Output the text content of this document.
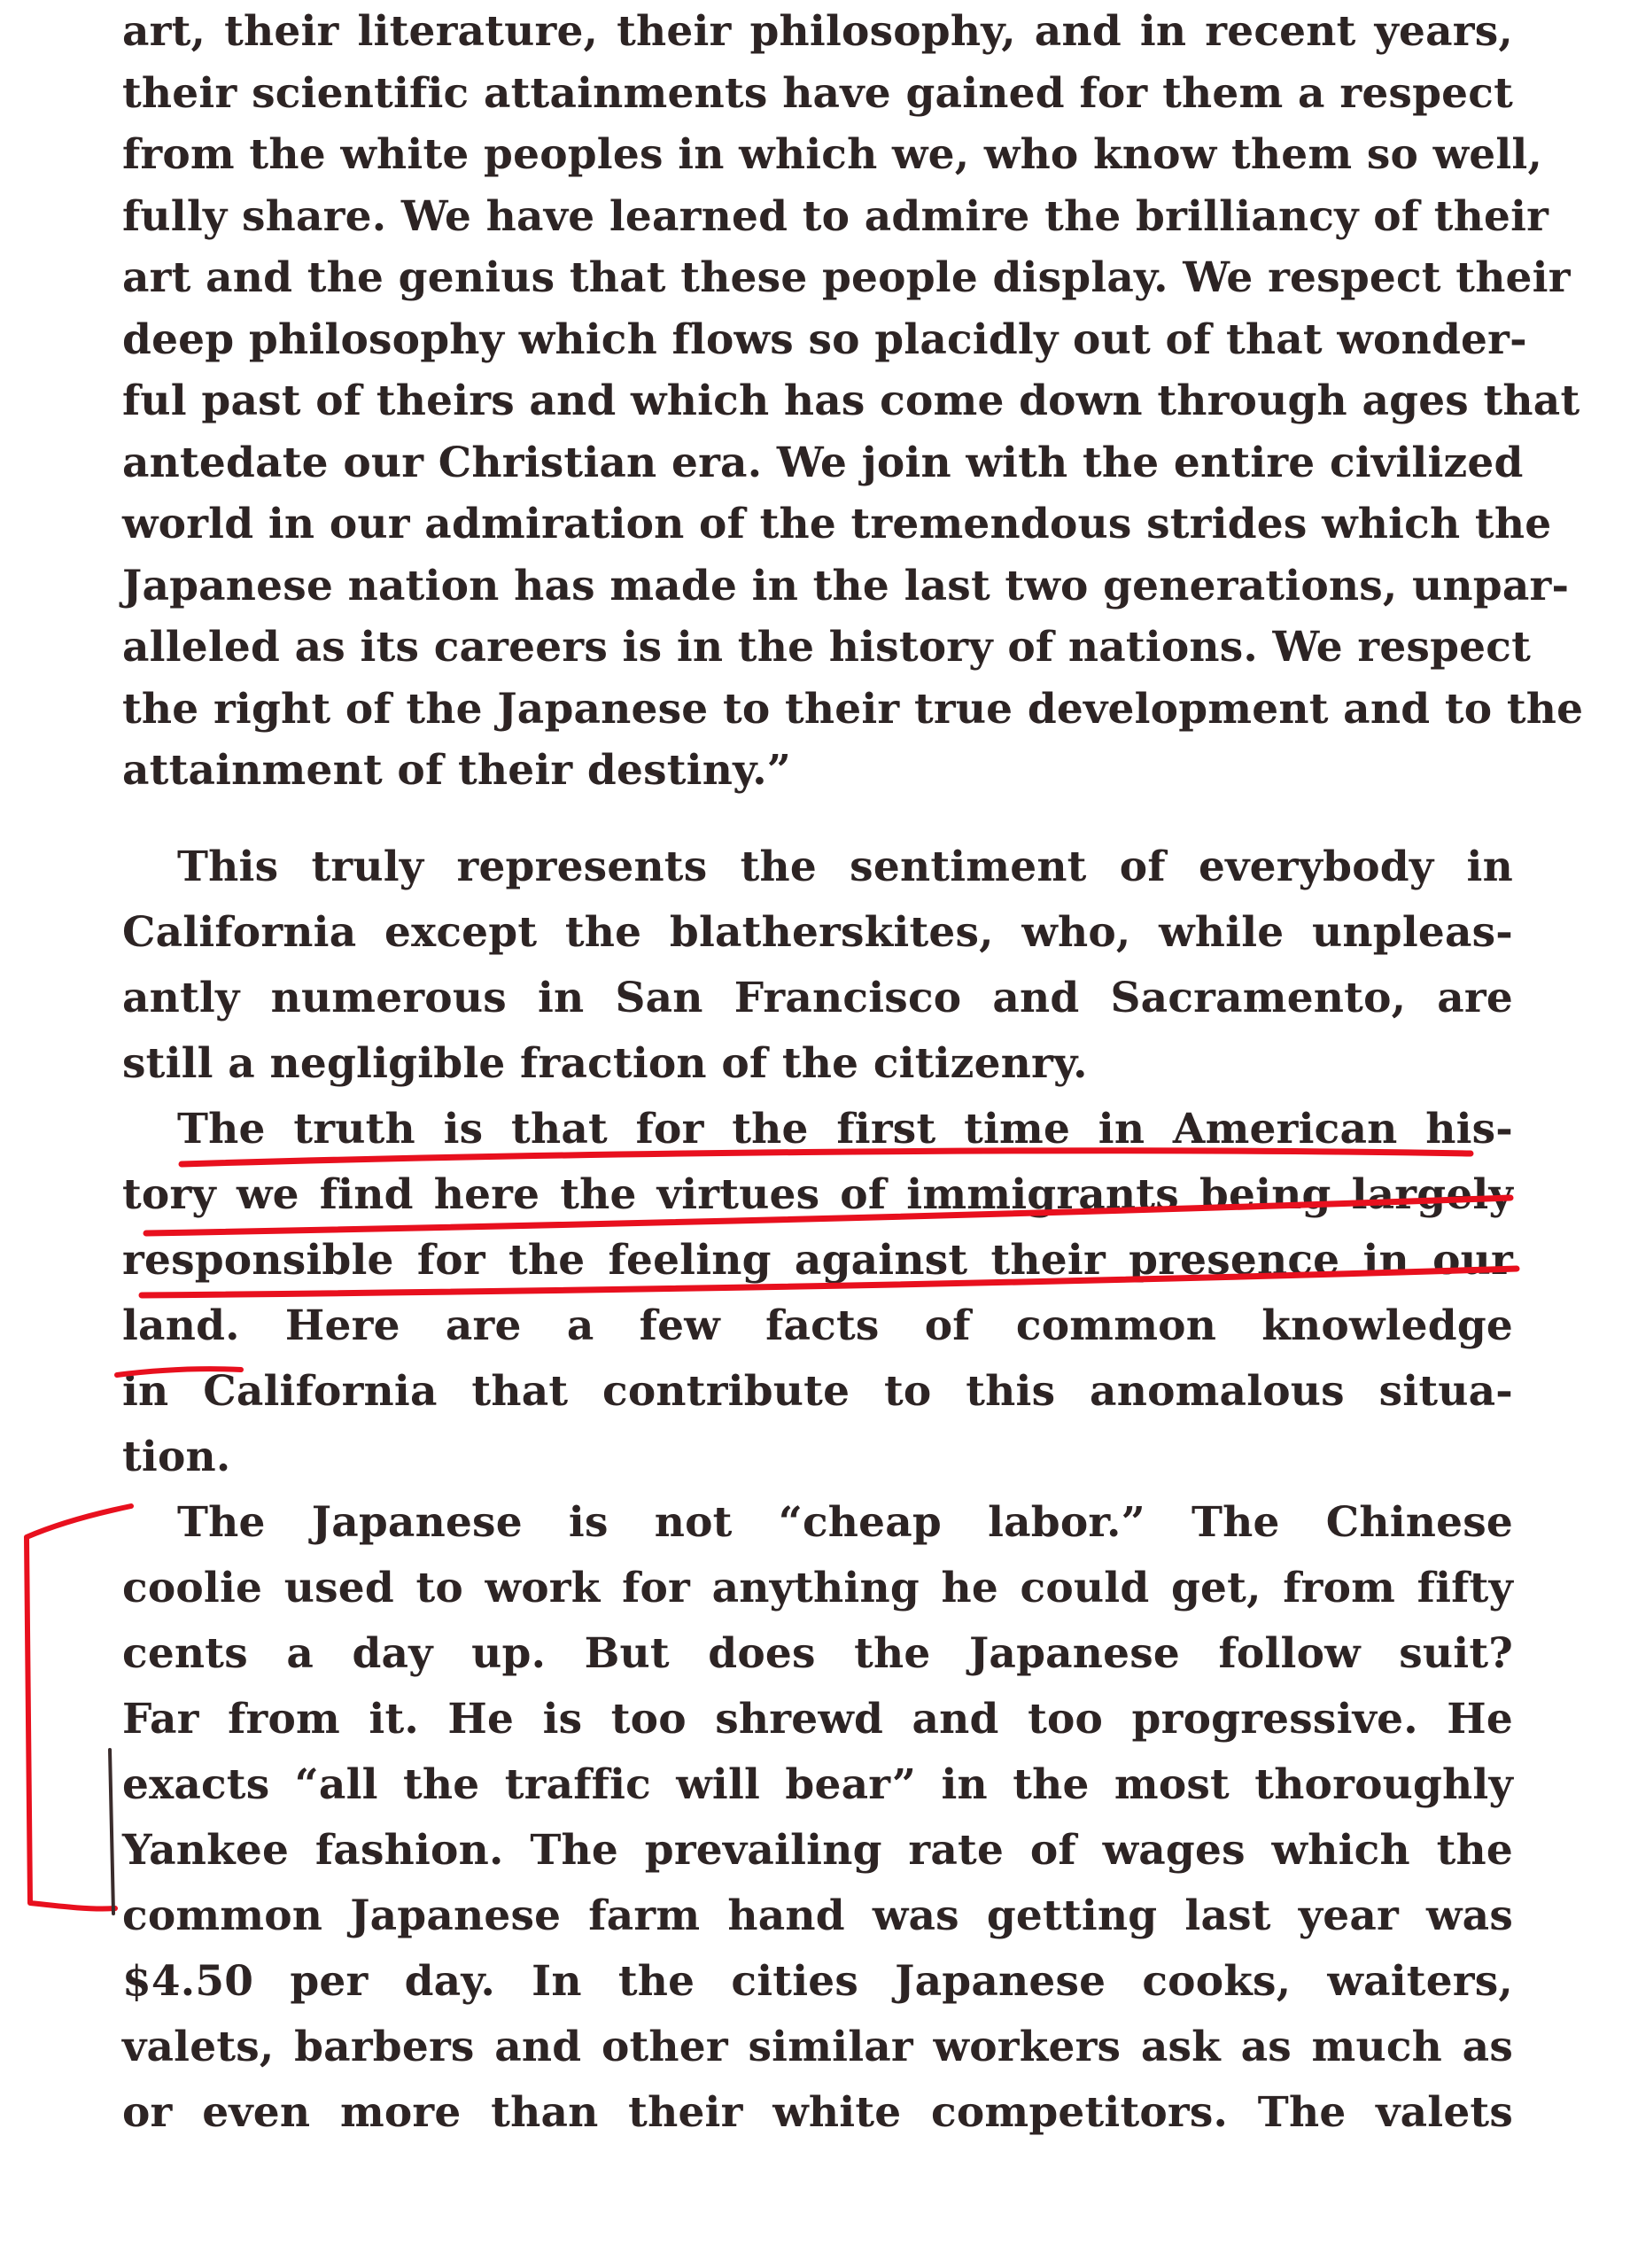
art, their literature, their philosophy, and in recent years,
their scientific attainments have gained for them a respect
from the white peoples in which we, who know them so well,
fully share. We have learned to admire the brilliancy of their
art and the genius that these people display. We respect their
deep philosophy which flows so placidly out of that wonder-
ful past of theirs and which has come down through ages that
antedate our Christian era. We join with the entire civilized
world in our admiration of the tremendous strides which the
Japanese nation has made in the last two generations, unpar-
alleled as its careers is in the history of nations. We respect
the right of the Japanese to their true development and to the
attainment of their destiny.”
This truly represents the sentiment of everybody in
California except the blatherskites, who, while unpleas-
antly numerous in San Francisco and Sacramento, are
still a negligible fraction of the citizenry.
The truth is that for the first time in American his-
tory we find here the virtues of immigrants being largely
responsible for the feeling against their presence in our
land. Here are a few facts of common knowledge
in California that contribute to this anomalous situa-
tion.
The Japanese is not “cheap labor.” The Chinese
coolie used to work for anything he could get, from fifty
cents a day up. But does the Japanese follow suit?
Far from it. He is too shrewd and too progressive. He
exacts “all the traffic will bear” in the most thoroughly
Yankee fashion. The prevailing rate of wages which the
common Japanese farm hand was getting last year was
$4.50 per day. In the cities Japanese cooks, waiters,
valets, barbers and other similar workers ask as much as
or even more than their white competitors. The valets
